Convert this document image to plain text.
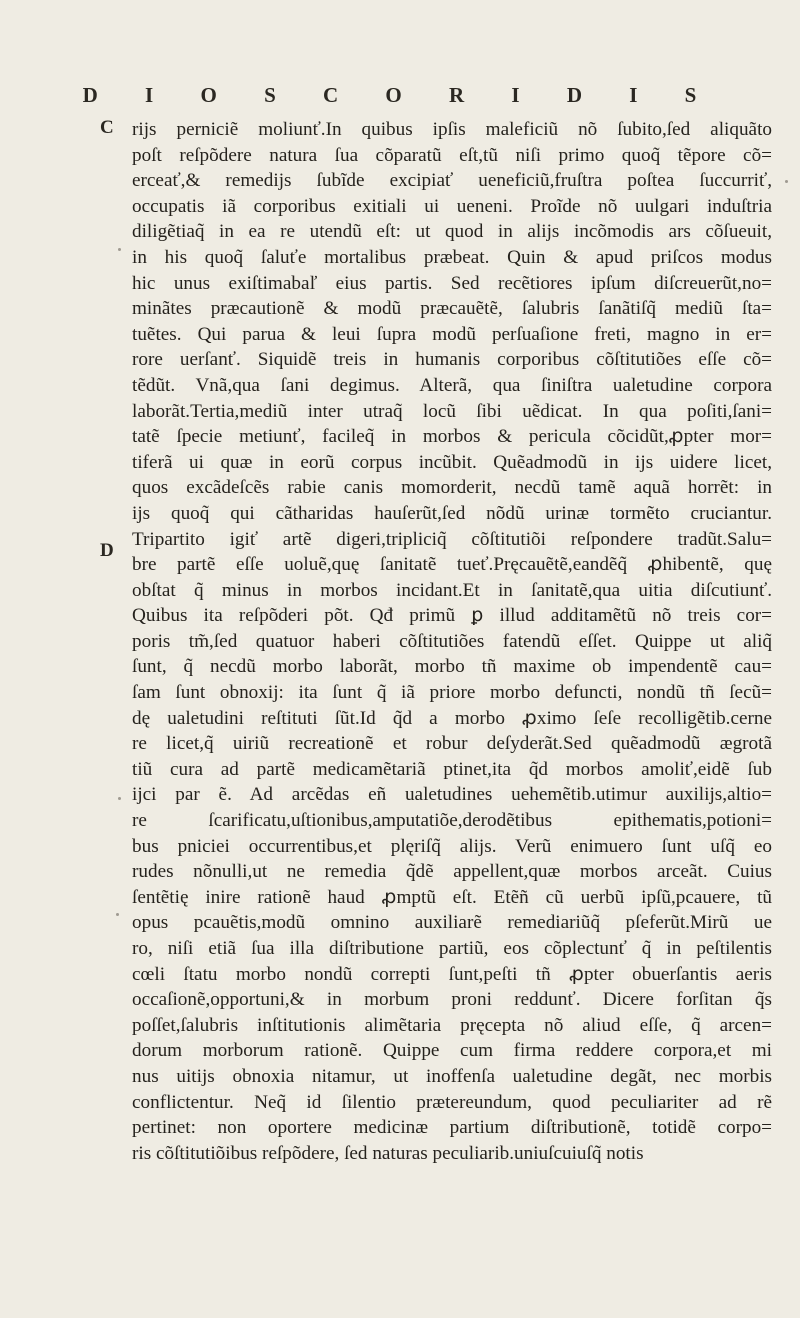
D I O S C O R I D I S
C
D
rijs perniciẽ moliunť.In quibus ipſis maleficiũ nõ ſubito,ſed aliquãto
poſt reſpõdere natura ſua cõparatũ eſt,tũ niſi primo quoq̃ tẽpore cõ=
erceať,& remedijs ſubĩde excipiať ueneficiũ,fruſtra poſtea ſuccurriť,
occupatis iã corporibus exitiali ui ueneni. Proĩde nõ uulgari induſtria
diligẽtiaq̃ in ea re utendũ eſt: ut quod in alijs incõmodis ars cõſueuit,
in his quoq̃ ſaluťe mortalibus præbeat. Quin & apud priſcos modus
hic unus exiſtimabaľ eius partis. Sed recẽtiores ipſum diſcreuerũt,no=
minãtes præcautionẽ & modũ præcauẽtẽ, ſalubris ſanãtiſq̃ mediũ ſta=
tuẽtes. Qui parua & leui ſupra modũ perſuaſione freti, magno in er=
rore uerſanť. Siquidẽ treis in humanis corporibus cõſtitutiões eſſe cõ=
tẽdũt. Vnã,qua ſani degimus. Alterã, qua ſiniſtra ualetudine corpora
laborãt.Tertia,mediũ inter utraq̃ locũ ſibi uẽdicat. In qua poſiti,ſani=
tatẽ ſpecie metiunť, facileq̃ in morbos & pericula cõcidũt,ꝓpter mor=
tiferã ui quæ in eorũ corpus incũbit. Quẽadmodũ in ijs uidere licet,
quos excãdeſcẽs rabie canis momorderit, necdũ tamẽ aquã horrẽt: in
ijs quoq̃ qui cãtharidas hauſerũt,ſed nõdũ urinæ tormẽto cruciantur.
Tripartito igiť artẽ digeri,tripliciq̃ cõſtitutiõi reſpondere tradũt.Salu=
bre partẽ eſſe uoluẽ,quę ſanitatẽ tueť.Pręcauẽtẽ,eandẽq̃ ꝓhibentẽ, quę
obſtat q̃ minus in morbos incidant.Et in ſanitatẽ,qua uitia diſcutiunť.
Quibus ita reſpõderi põt. Qđ primũ ꝑ illud additamẽtũ nõ treis cor=
poris tm̃,ſed quatuor haberi cõſtitutiões fatendũ eſſet. Quippe ut aliq̃
ſunt, q̃ necdũ morbo laborãt, morbo tñ maxime ob impendentẽ cau=
ſam ſunt obnoxij: ita ſunt q̃ iã priore morbo defuncti, nondũ tñ ſecũ=
dę ualetudini reſtituti ſũt.Id q̃d a morbo ꝓximo ſeſe recolligẽtib.cerne
re licet,q̃ uiriũ recreationẽ et robur deſyderãt.Sed quẽadmodũ ægrotã
tiũ cura ad partẽ medicamẽtariã ptinet,ita q̃d morbos amoliť,eidẽ ſub
ijci par ẽ. Ad arcẽdas eñ ualetudines uehemẽtib.utimur auxilijs,altio=
re ſcarificatu,uſtionibus,amputatiõe,derodẽtibus epithematis,potioni=
bus pniciei occurrentibus,et plęriſq̃ alijs. Verũ enimuero ſunt uſq̃ eo
rudes nõnulli,ut ne remedia q̃dẽ appellent,quæ morbos arceãt. Cuius
ſentẽtię inire rationẽ haud ꝓmptũ eſt. Etẽñ cũ uerbũ ipſũ,pcauere, tũ
opus pcauẽtis,modũ omnino auxiliarẽ remediariũq̃ pſeferũt.Mirũ ue
ro, niſi etiã ſua illa diſtributione partiũ, eos cõplectunť q̃ in peſtilentis
cœli ſtatu morbo nondũ correpti ſunt,peſti tñ ꝓpter obuerſantis aeris
occaſionẽ,opportuni,& in morbum proni reddunť. Dicere forſitan q̃s
poſſet,ſalubris inſtitutionis alimẽtaria pręcepta nõ aliud eſſe, q̃ arcen=
dorum morborum rationẽ. Quippe cum firma reddere corpora,et mi
nus uitijs obnoxia nitamur, ut inoffenſa ualetudine degãt, nec morbis
conflictentur. Neq̃ id ſilentio prætereundum, quod peculiariter ad rẽ
pertinet: non oportere medicinæ partium diſtributionẽ, totidẽ corpo=
ris cõſtitutiõibus reſpõdere, ſed naturas peculiarib.uniuſcuiuſq̃ notis
